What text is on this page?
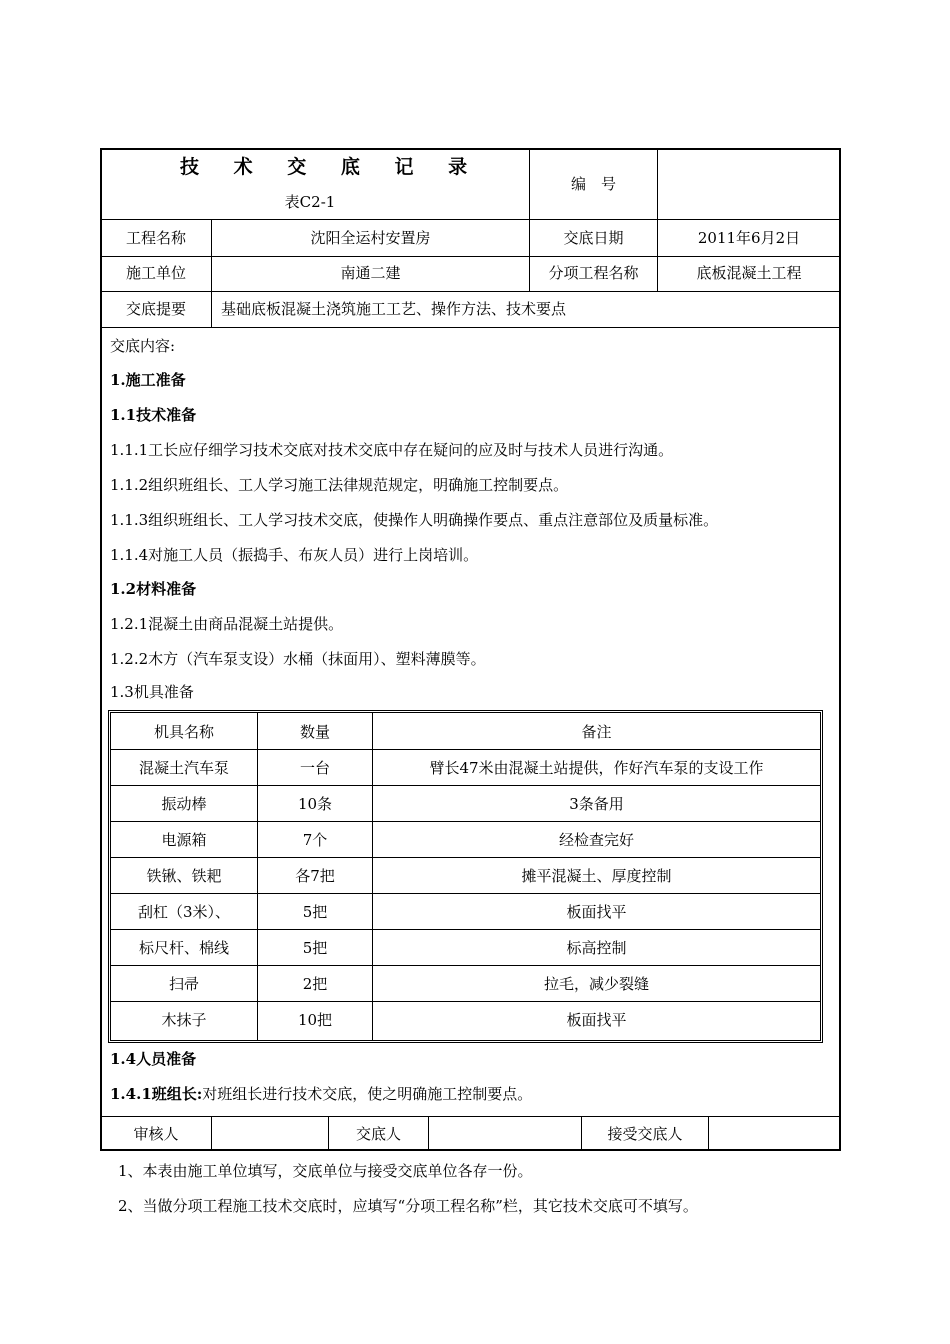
技 术 交 底 记 录
表C2-1
编　号
工程名称	沈阳全运村安置房	交底日期	2011年6月2日
施工单位	南通二建	分项工程名称	底板混凝土工程
交底提要	基础底板混凝土浇筑施工工艺、操作方法、技术要点
交底内容:
1.施工准备
1.1技术准备
1.1.1工长应仔细学习技术交底对技术交底中存在疑问的应及时与技术人员进行沟通。
1.1.2组织班组长、工人学习施工法律规范规定，明确施工控制要点。
1.1.3组织班组长、工人学习技术交底，使操作人明确操作要点、重点注意部位及质量标准。
1.1.4对施工人员（振捣手、布灰人员）进行上岗培训。
1.2材料准备
1.2.1混凝土由商品混凝土站提供。
1.2.2木方（汽车泵支设）水桶（抹面用）、塑料薄膜等。
1.3机具准备
机具名称	数量	备注
混凝土汽车泵	一台	臂长47米由混凝土站提供，作好汽车泵的支设工作
振动棒	10条	3条备用
电源箱	7个	经检查完好
铁锹、铁耙	各7把	摊平混凝土、厚度控制
刮杠（3米）、	5把	板面找平
标尺杆、棉线	5把	标高控制
扫帚	2把	拉毛，减少裂缝
木抹子	10把	板面找平
1.4人员准备
1.4.1班组长:对班组长进行技术交底，使之明确施工控制要点。
审核人	交底人	接受交底人
1、本表由施工单位填写，交底单位与接受交底单位各存一份。
2、当做分项工程施工技术交底时，应填写“分项工程名称”栏，其它技术交底可不填写。
